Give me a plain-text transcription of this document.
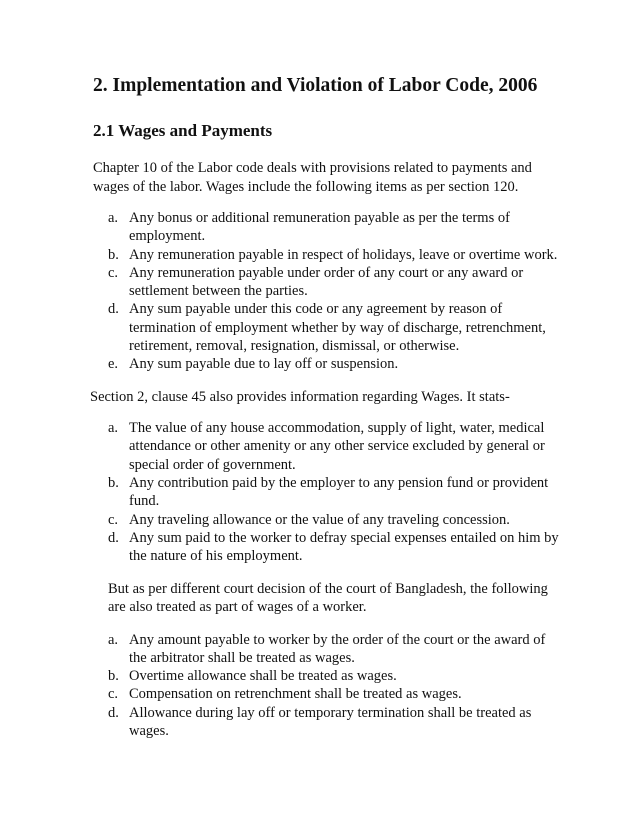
2. Implementation and Violation of Labor Code, 2006
2.1 Wages and Payments

Chapter 10 of the Labor code deals with provisions related to payments and wages of the labor. Wages include the following items as per section 120.

a. Any bonus or additional remuneration payable as per the terms of employment.
b. Any remuneration payable in respect of holidays, leave or overtime work.
c. Any remuneration payable under order of any court or any award or settlement between the parties.
d. Any sum payable under this code or any agreement by reason of termination of employment whether by way of discharge, retrenchment, retirement, removal, resignation, dismissal, or otherwise.
e. Any sum payable due to lay off or suspension.

Section 2, clause 45 also provides information regarding Wages. It stats-

a. The value of any house accommodation, supply of light, water, medical attendance or other amenity or any other service excluded by general or special order of government.
b. Any contribution paid by the employer to any pension fund or provident fund.
c. Any traveling allowance or the value of any traveling concession.
d. Any sum paid to the worker to defray special expenses entailed on him by the nature of his employment.

But as per different court decision of the court of Bangladesh, the following are also treated as part of wages of a worker.

a. Any amount payable to worker by the order of the court or the award of the arbitrator shall be treated as wages.
b. Overtime allowance shall be treated as wages.
c. Compensation on retrenchment shall be treated as wages.
d. Allowance during lay off or temporary termination shall be treated as wages.
